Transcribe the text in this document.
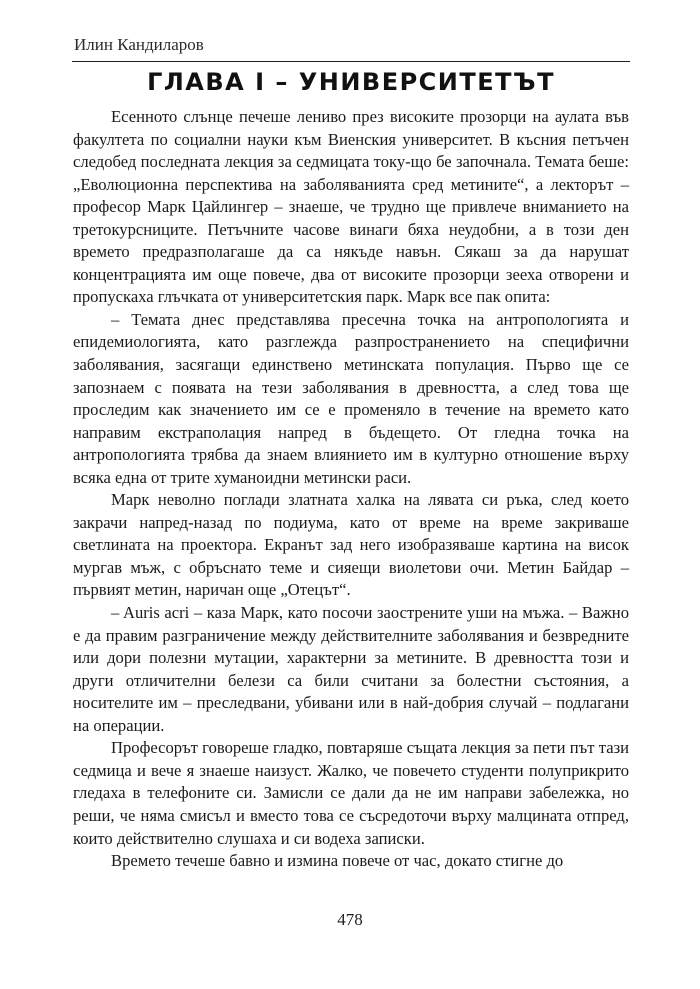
Илин Кандиларов
ГЛАВА I – УНИВЕРСИТЕТЪТ

Есенното слънце печеше лениво през високите прозорци на аулата във факултета по социални науки към Виенския университет. В късния петъчен следобед последната лекция за седмицата току-що бе започнала. Темата беше: „Еволюционна перспектива на заболяванията сред метините“, а лекторът – професор Марк Цайлингер – знаеше, че трудно ще привлече вниманието на третокурсниците. Петъчните часове винаги бяха неудобни, а в този ден времето предразполагаше да са някъде навън. Сякаш за да нарушат концентрацията им още повече, два от високите прозорци зееха отворени и пропускаха глъчката от университетския парк. Марк все пак опита:

– Темата днес представлява пресечна точка на антропологията и епидемиологията, като разглежда разпространението на специфични заболявания, засягащи единствено метинската популация. Първо ще се запознаем с появата на тези заболявания в древността, а след това ще проследим как значението им се е променяло в течение на времето като направим екстраполация напред в бъдещето. От гледна точка на антропологията трябва да знаем влиянието им в културно отношение върху всяка една от трите хуманоидни метински раси.

Марк неволно поглади златната халка на лявата си ръка, след което закрачи напред-назад по подиума, като от време на време закриваше светлината на проектора. Екранът зад него изобразяваше картина на висок мургав мъж, с обръснато теме и сияещи виолетови очи. Метин Байдар – първият метин, наричан още „Отецът“.

– Auris acri – каза Марк, като посочи заострените уши на мъжа. – Важно е да правим разграничение между действителните заболявания и безвредните или дори полезни мутации, характерни за метините. В древността този и други отличителни белези са били считани за болестни състояния, а носителите им – преследвани, убивани или в най-добрия случай – подлагани на операции.

Професорът говореше гладко, повтаряше същата лекция за пети път тази седмица и вече я знаеше наизуст. Жалко, че повечето студенти полуприкрито гледаха в телефоните си. Замисли се дали да не им направи забележка, но реши, че няма смисъл и вместо това се съсредоточи върху малцината отпред, които действително слушаха и си водеха записки.

Времето течеше бавно и измина повече от час, докато стигне до

478
